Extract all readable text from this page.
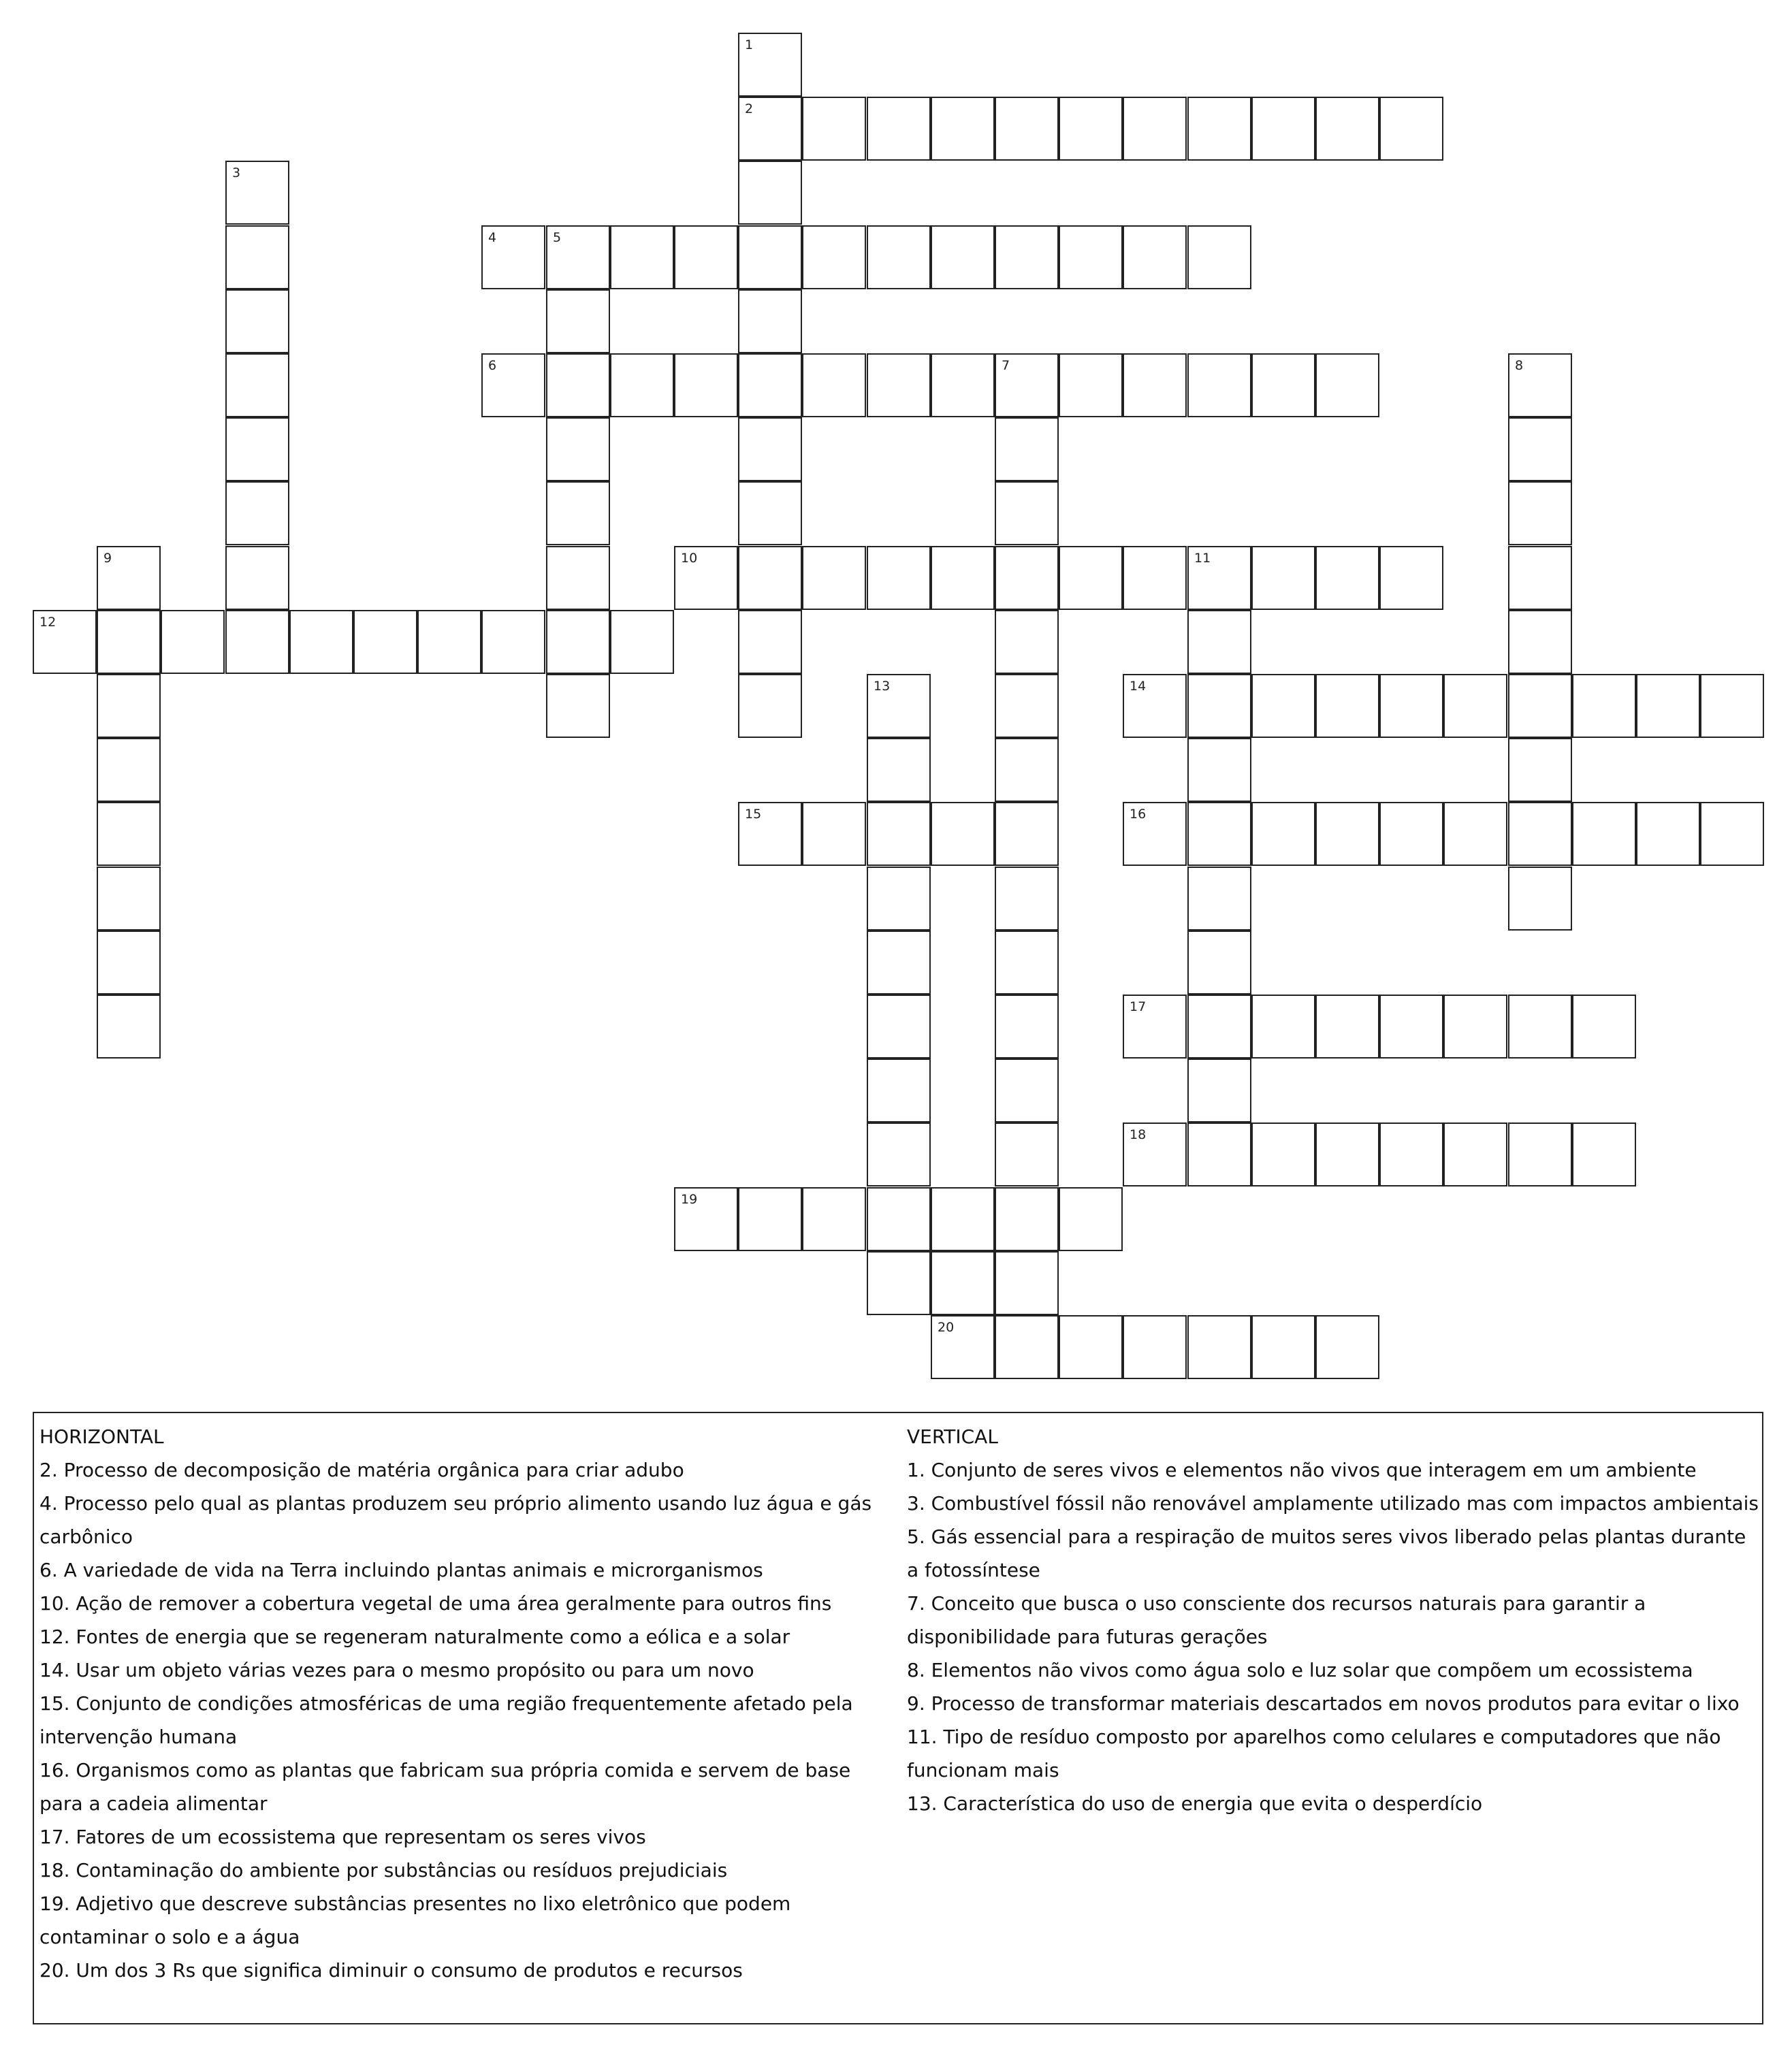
1
2
3
4	5
6	7	8
9	10	11
12
13	14
15	16
17
18
19
20

HORIZONTAL

2. Processo de decomposição de matéria orgânica para criar adubo

4. Processo pelo qual as plantas produzem seu próprio alimento usando luz água e gás carbônico

6. A variedade de vida na Terra incluindo plantas animais e microrganismos

10. Ação de remover a cobertura vegetal de uma área geralmente para outros fins

12. Fontes de energia que se regeneram naturalmente como a eólica e a solar

14. Usar um objeto várias vezes para o mesmo propósito ou para um novo

15. Conjunto de condições atmosféricas de uma região frequentemente afetado pela intervenção humana

16. Organismos como as plantas que fabricam sua própria comida e servem de base para a cadeia alimentar

17. Fatores de um ecossistema que representam os seres vivos

18. Contaminação do ambiente por substâncias ou resíduos prejudiciais

19. Adjetivo que descreve substâncias presentes no lixo eletrônico que podem contaminar o solo e a água

20. Um dos 3 Rs que significa diminuir o consumo de produtos e recursos

VERTICAL

1. Conjunto de seres vivos e elementos não vivos que interagem em um ambiente

3. Combustível fóssil não renovável amplamente utilizado mas com impactos ambientais

5. Gás essencial para a respiração de muitos seres vivos liberado pelas plantas durante a fotossíntese

7. Conceito que busca o uso consciente dos recursos naturais para garantir a disponibilidade para futuras gerações

8. Elementos não vivos como água solo e luz solar que compõem um ecossistema

9. Processo de transformar materiais descartados em novos produtos para evitar o lixo

11. Tipo de resíduo composto por aparelhos como celulares e computadores que não funcionam mais

13. Característica do uso de energia que evita o desperdício
